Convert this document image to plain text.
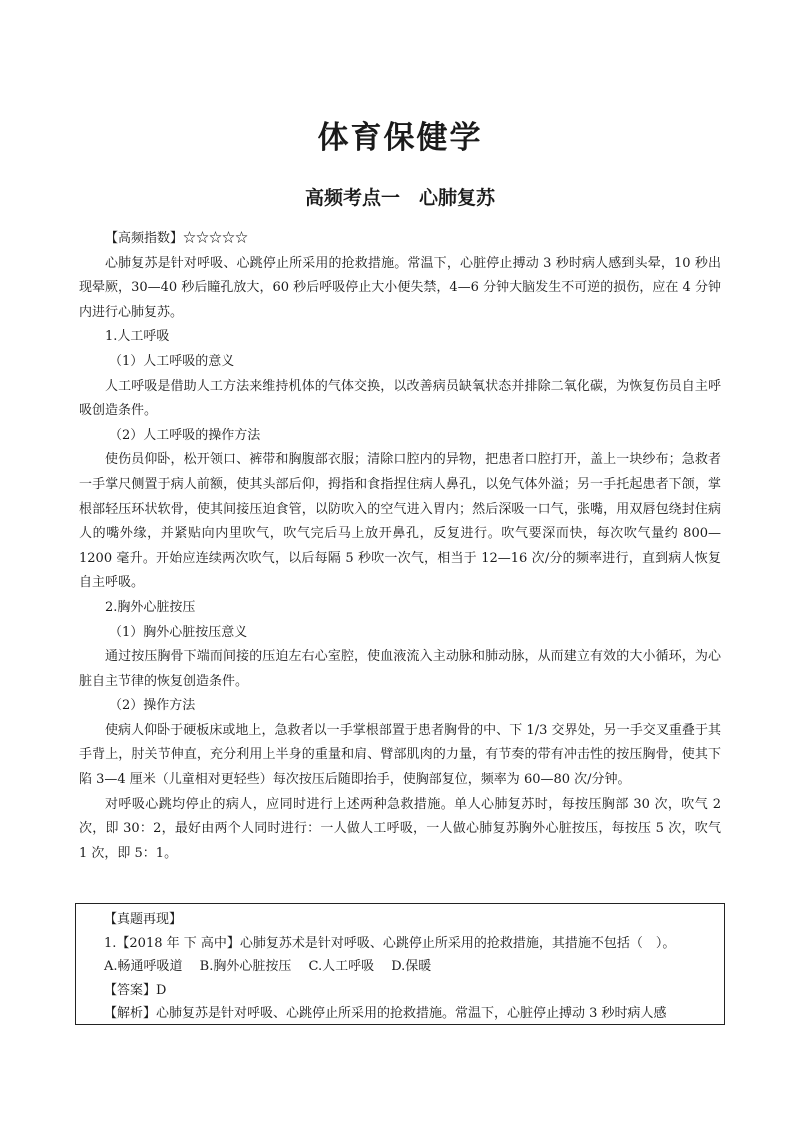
体育保健学
高频考点一　心肺复苏

【高频指数】☆☆☆☆☆

心肺复苏是针对呼吸、心跳停止所采用的抢救措施。常温下，心脏停止搏动 3 秒时病人感到头晕，10 秒出现晕厥，30—40 秒后瞳孔放大，60 秒后呼吸停止大小便失禁，4—6 分钟大脑发生不可逆的损伤，应在 4 分钟内进行心肺复苏。

1.人工呼吸

（1）人工呼吸的意义

人工呼吸是借助人工方法来维持机体的气体交换，以改善病员缺氧状态并排除二氧化碳，为恢复伤员自主呼吸创造条件。

（2）人工呼吸的操作方法

使伤员仰卧，松开领口、裤带和胸腹部衣服；清除口腔内的异物，把患者口腔打开，盖上一块纱布；急救者一手掌尺侧置于病人前额，使其头部后仰，拇指和食指捏住病人鼻孔，以免气体外溢；另一手托起患者下颌，掌根部轻压环状软骨，使其间接压迫食管，以防吹入的空气进入胃内；然后深吸一口气，张嘴，用双唇包绕封住病人的嘴外缘，并紧贴向内里吹气，吹气完后马上放开鼻孔，反复进行。吹气要深而快，每次吹气量约 800—1200 毫升。开始应连续两次吹气，以后每隔 5 秒吹一次气，相当于 12—16 次/分的频率进行，直到病人恢复自主呼吸。

2.胸外心脏按压

（1）胸外心脏按压意义

通过按压胸骨下端而间接的压迫左右心室腔，使血液流入主动脉和肺动脉，从而建立有效的大小循环，为心脏自主节律的恢复创造条件。

（2）操作方法

使病人仰卧于硬板床或地上，急救者以一手掌根部置于患者胸骨的中、下 1/3 交界处，另一手交叉重叠于其手背上，肘关节伸直，充分利用上半身的重量和肩、臂部肌肉的力量，有节奏的带有冲击性的按压胸骨，使其下陷 3—4 厘米（儿童相对更轻些）每次按压后随即抬手，使胸部复位，频率为 60—80 次/分钟。

对呼吸心跳均停止的病人，应同时进行上述两种急救措施。单人心肺复苏时，每按压胸部 30 次，吹气 2 次，即 30：2，最好由两个人同时进行：一人做人工呼吸，一人做心肺复苏胸外心脏按压，每按压 5 次，吹气 1 次，即 5：1。

【真题再现】

1.【2018 年 下 高中】心肺复苏术是针对呼吸、心跳停止所采用的抢救措施，其措施不包括（　）。

A.畅通呼吸道　 B.胸外心脏按压　 C.人工呼吸　 D.保暖

【答案】D

【解析】心肺复苏是针对呼吸、心跳停止所采用的抢救措施。常温下，心脏停止搏动 3 秒时病人感
